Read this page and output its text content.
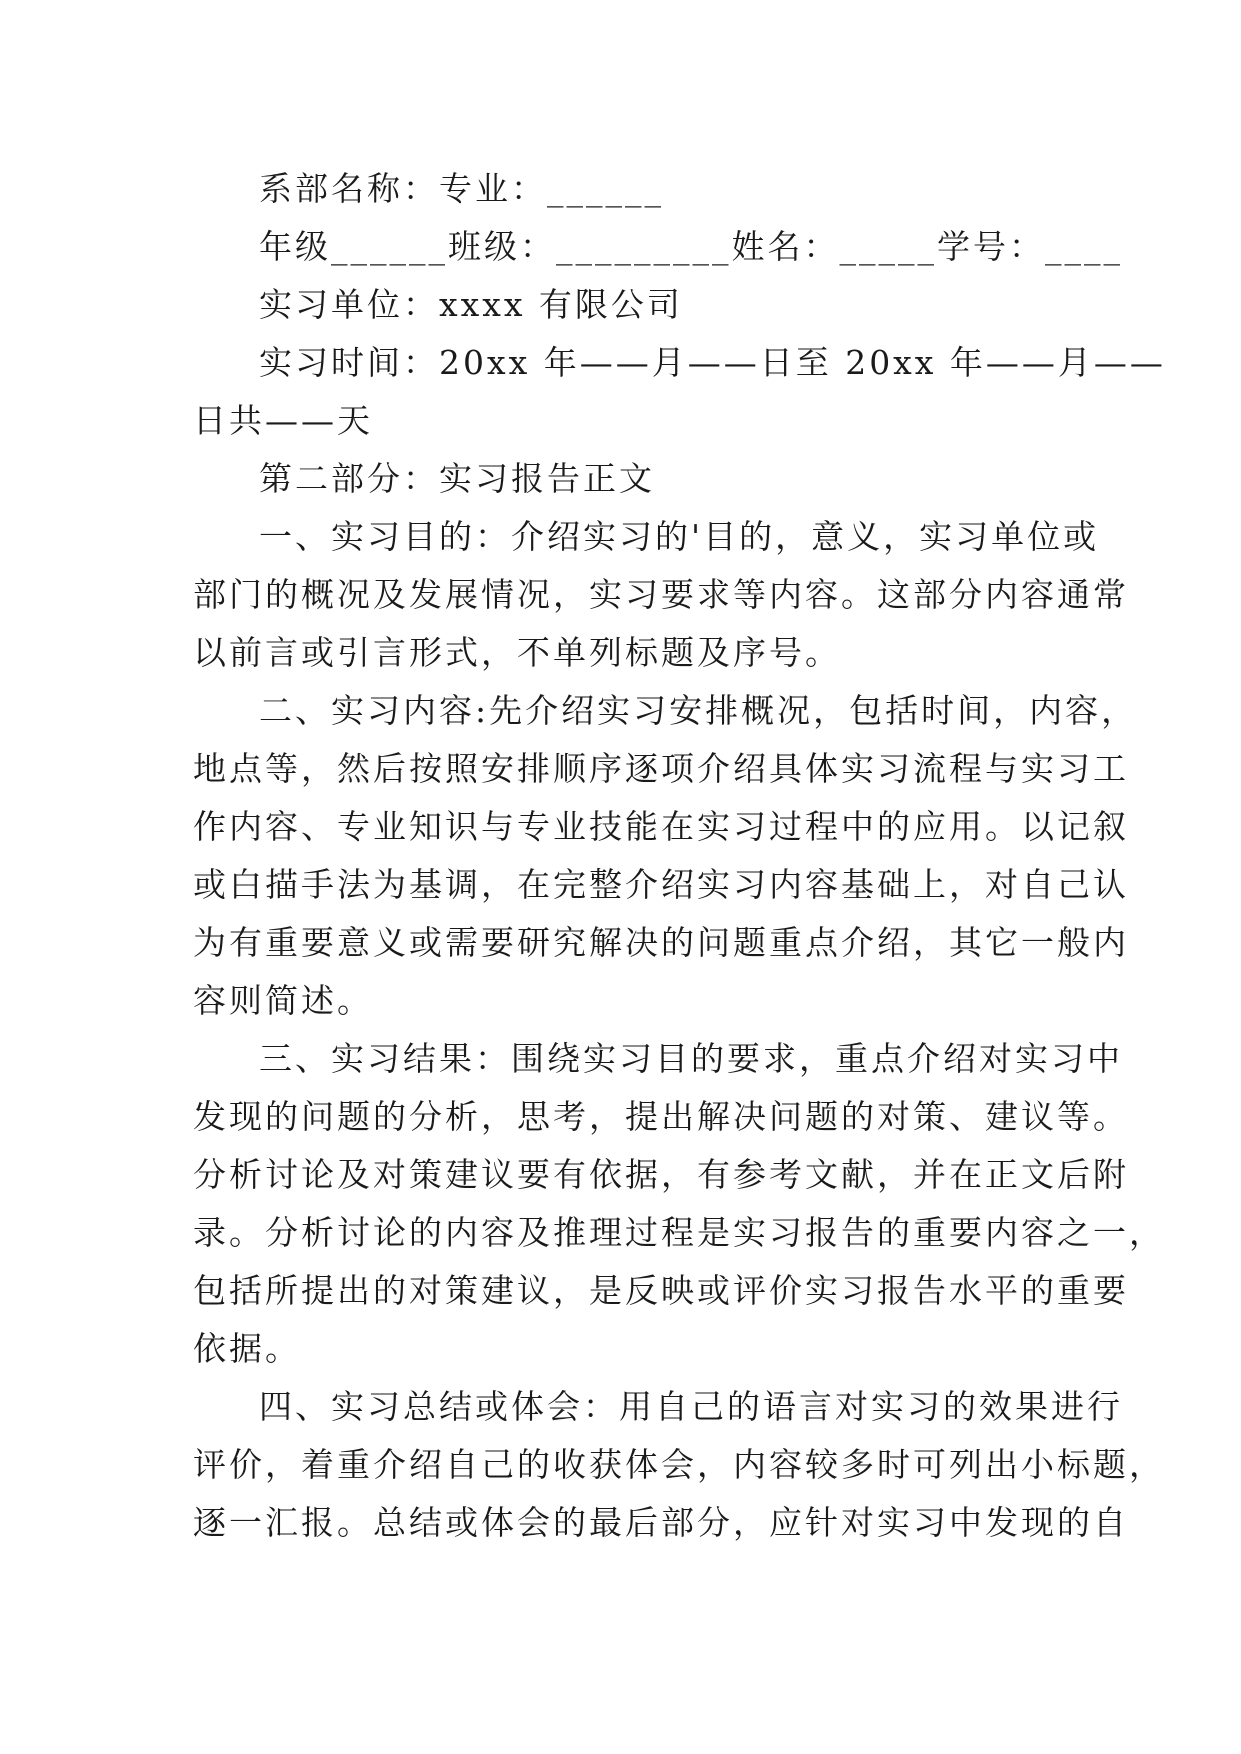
系部名称：专业：______
年级______班级：_________姓名：_____学号：____
实习单位：xxxx 有限公司
实习时间：20xx 年——月——日至 20xx 年——月——
日共——天
第二部分：实习报告正文
一、实习目的：介绍实习的'目的，意义，实习单位或
部门的概况及发展情况，实习要求等内容。这部分内容通常
以前言或引言形式，不单列标题及序号。
二、实习内容:先介绍实习安排概况，包括时间，内容，
地点等，然后按照安排顺序逐项介绍具体实习流程与实习工
作内容、专业知识与专业技能在实习过程中的应用。以记叙
或白描手法为基调，在完整介绍实习内容基础上，对自己认
为有重要意义或需要研究解决的问题重点介绍，其它一般内
容则简述。
三、实习结果：围绕实习目的要求，重点介绍对实习中
发现的问题的分析，思考，提出解决问题的对策、建议等。
分析讨论及对策建议要有依据，有参考文献，并在正文后附
录。分析讨论的内容及推理过程是实习报告的重要内容之一，
包括所提出的对策建议，是反映或评价实习报告水平的重要
依据。
四、实习总结或体会：用自己的语言对实习的效果进行
评价，着重介绍自己的收获体会，内容较多时可列出小标题，
逐一汇报。总结或体会的最后部分，应针对实习中发现的自
